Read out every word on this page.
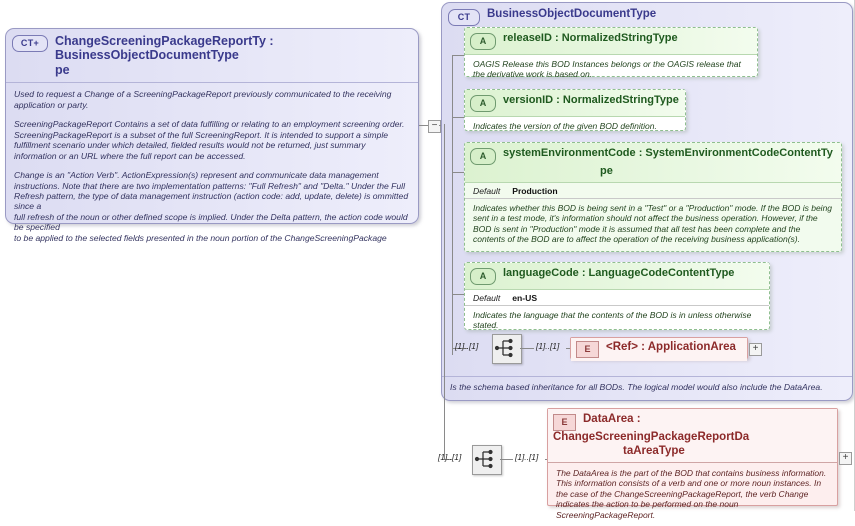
CT+	ChangeScreeningPackageReportTy : BusinessObjectDocumentType
pe
Used to request a Change of a ScreeningPackageReport previously communicated to the receiving application or party.
ScreeningPackageReport Contains a set of data fulfilling or relating to an employment screening order. ScreeningPackageReport is a subset of the full ScreeningReport. It is intended to support a simple fulfillment scenario under which detailed, fielded results would not be returned, just summary information or an URL where the full report can be accessed.
Change is an "Action Verb". ActionExpression(s) represent and communicate data management instructions. Note that there are two implementation patterns: "Full Refresh" and "Delta." Under the Full Refresh pattern, the type of data management instruction (action code: add, update, delete) is ommitted since a
full refresh of the noun or other defined scope is implied. Under the Delta pattern, the action code would be specified
to be applied to the selected fields presented in the noun portion of the ChangeScreeningPackage
−
CT	BusinessObjectDocumentType
Is the schema based inheritance for all BODs. The logical model would also include the DataArea.
A	releaseID : NormalizedStringType
OAGIS Release this BOD Instances belongs or the OAGIS release that the derivative work is based on.
A	versionID : NormalizedStringType
Indicates the version of the given BOD definition.
A systemEnvironmentCode : SystemEnvironmentCodeContentTy
pe
Default Production
Indicates whether this BOD is being sent in a "Test" or a "Production" mode. If the BOD is being sent in a test mode, it's information should not affect the business operation. However, if the BOD is sent in "Production" mode it is assumed that all test has been complete and the contents of the BOD are to affect the operation of the receiving business application(s).
A	languageCode : LanguageCodeContentType
Default en-US
Indicates the language that the contents of the BOD is in unless otherwise stated.
[1]..[1]	[1]..[1]	E	<Ref> : ApplicationArea	+
[1]..[1]	[1]..[1]
E DataArea : ChangeScreeningPackageReportDa
taAreaType
The DataArea is the part of the BOD that contains business information. This information consists of a verb and one or more noun instances. In the case of the ChangeScreeningPackageReport, the verb Change indicates the action to be performed on the noun ScreeningPackageReport.
+
